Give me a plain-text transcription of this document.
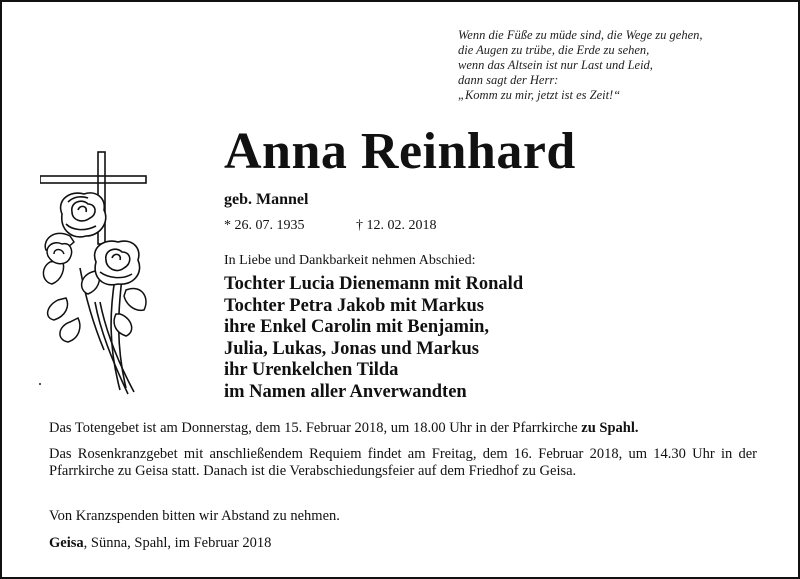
Wenn die Füße zu müde sind, die Wege zu gehen,
die Augen zu trübe, die Erde zu sehen,
wenn das Altsein ist nur Last und Leid,
dann sagt der Herr:
„Komm zu mir, jetzt ist es Zeit!“
Anna Reinhard
geb. Mannel
* 26. 07. 1935	† 12. 02. 2018
In Liebe und Dankbarkeit nehmen Abschied:
Tochter Lucia Dienemann mit Ronald
Tochter Petra Jakob mit Markus
ihre Enkel Carolin mit Benjamin,
Julia, Lukas, Jonas und Markus
ihr Urenkelchen Tilda
im Namen aller Anverwandten
Das Totengebet ist am Donnerstag, dem 15. Februar 2018, um 18.00 Uhr in der Pfarrkirche zu Spahl.
Das Rosenkranzgebet mit anschließendem Requiem findet am Freitag, dem 16. Februar 2018, um 14.30 Uhr in der Pfarrkirche zu Geisa statt. Danach ist die Verabschiedungsfeier auf dem Friedhof zu Geisa.
Von Kranzspenden bitten wir Abstand zu nehmen.
Geisa, Sünna, Spahl, im Februar 2018
